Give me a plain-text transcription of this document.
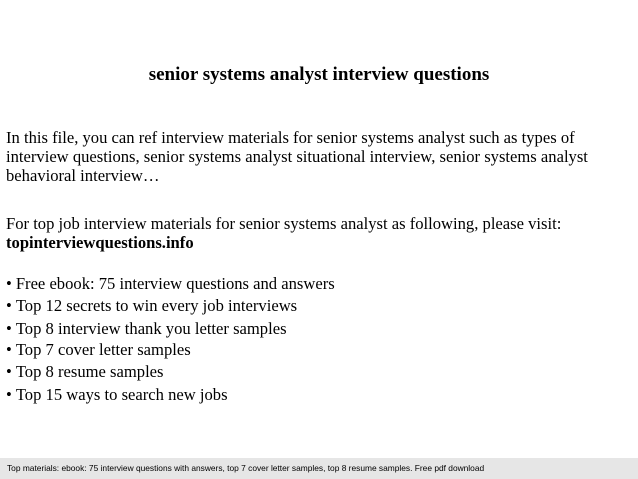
senior systems analyst interview questions
In this file, you can ref interview materials for senior systems analyst such as types of interview questions, senior systems analyst situational interview, senior systems analyst behavioral interview…
For top job interview materials for senior systems analyst as following, please visit:
topinterviewquestions.info
• Free ebook: 75 interview questions and answers
• Top 12 secrets to win every job interviews
• Top 8 interview thank you letter samples
• Top 7 cover letter samples
• Top 8 resume samples
• Top 15 ways to search new jobs
Top materials: ebook: 75 interview questions with answers, top 7 cover letter samples, top 8 resume samples. Free pdf download
